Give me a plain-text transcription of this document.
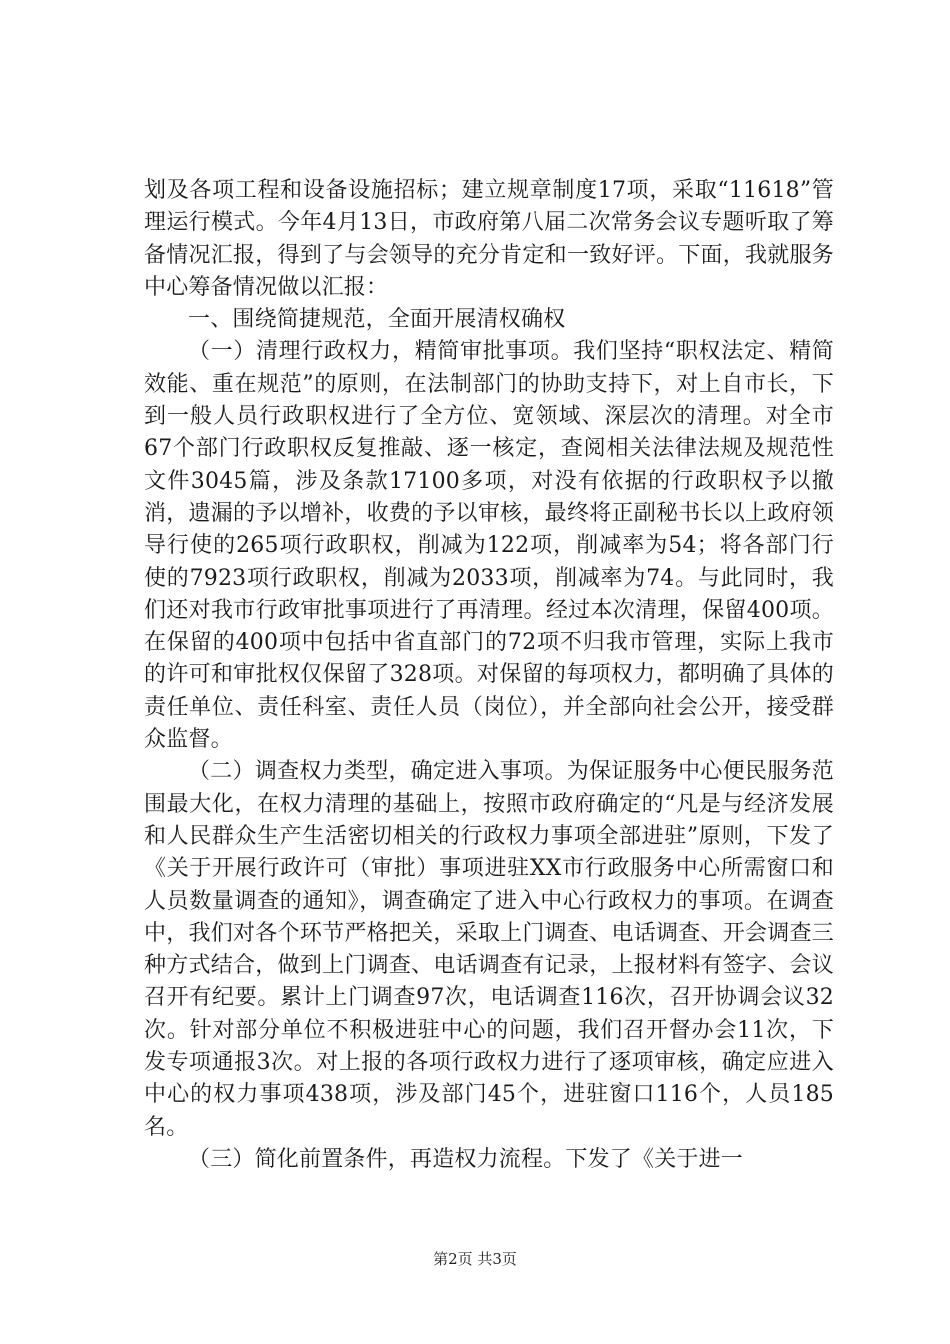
划及各项工程和设备设施招标；建立规章制度17项，采取“11618”管理运行模式。今年4月13日，市政府第八届二次常务会议专题听取了筹备情况汇报，得到了与会领导的充分肯定和一致好评。下面，我就服务中心筹备情况做以汇报：

一、围绕简捷规范，全面开展清权确权

（一）清理行政权力，精简审批事项。我们坚持“职权法定、精简效能、重在规范”的原则，在法制部门的协助支持下，对上自市长，下到一般人员行政职权进行了全方位、宽领域、深层次的清理。对全市67个部门行政职权反复推敲、逐一核定，查阅相关法律法规及规范性文件3045篇，涉及条款17100多项，对没有依据的行政职权予以撤消，遗漏的予以增补，收费的予以审核，最终将正副秘书长以上政府领导行使的265项行政职权，削减为122项，削减率为54；将各部门行使的7923项行政职权，削减为2033项，削减率为74。与此同时，我们还对我市行政审批事项进行了再清理。经过本次清理，保留400项。在保留的400项中包括中省直部门的72项不归我市管理，实际上我市的许可和审批权仅保留了328项。对保留的每项权力，都明确了具体的责任单位、责任科室、责任人员（岗位），并全部向社会公开，接受群众监督。

（二）调查权力类型，确定进入事项。为保证服务中心便民服务范围最大化，在权力清理的基础上，按照市政府确定的“凡是与经济发展和人民群众生产生活密切相关的行政权力事项全部进驻”原则，下发了《关于开展行政许可（审批）事项进驻XX市行政服务中心所需窗口和人员数量调查的通知》，调查确定了进入中心行政权力的事项。在调查中，我们对各个环节严格把关，采取上门调查、电话调查、开会调查三种方式结合，做到上门调查、电话调查有记录，上报材料有签字、会议召开有纪要。累计上门调查97次，电话调查116次，召开协调会议32次。针对部分单位不积极进驻中心的问题，我们召开督办会11次，下发专项通报3次。对上报的各项行政权力进行了逐项审核，确定应进入中心的权力事项438项，涉及部门45个，进驻窗口116个，人员185名。

（三）简化前置条件，再造权力流程。下发了《关于进一

第2页 共3页
